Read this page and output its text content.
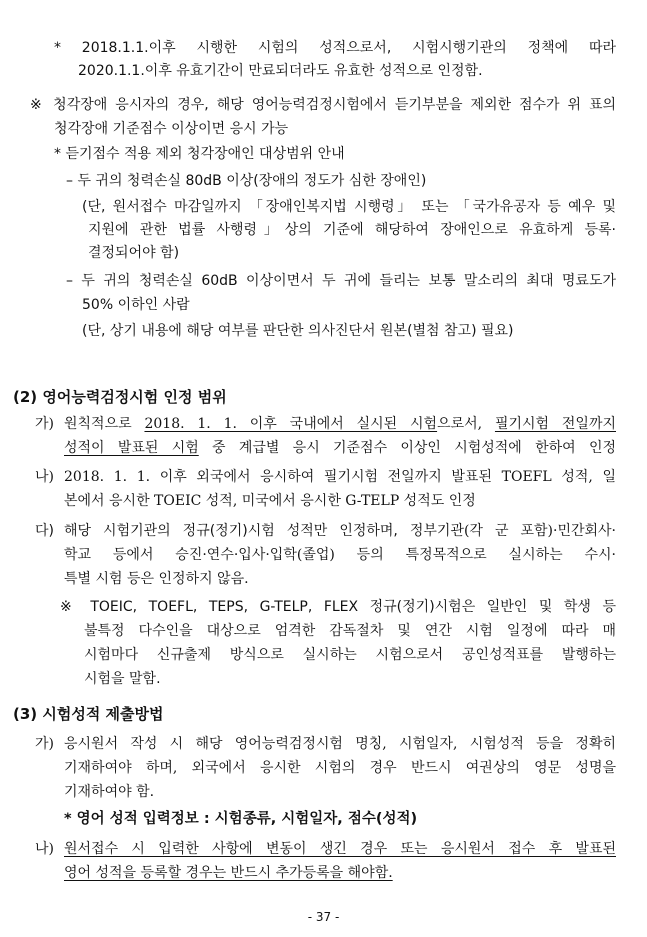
* 2018.1.1.이후 시행한 시험의 성적으로서, 시험시행기관의 정책에 따라
2020.1.1.이후 유효기간이 만료되더라도 유효한 성적으로 인정함.
※ 청각장애 응시자의 경우, 해당 영어능력검정시험에서 듣기부분을 제외한 점수가 위 표의
청각장애 기준점수 이상이면 응시 가능
* 듣기점수 적용 제외 청각장애인 대상범위 안내
– 두 귀의 청력손실 80dB 이상(장애의 정도가 심한 장애인)
(단, 원서접수 마감일까지 「장애인복지법 시행령」 또는 「국가유공자 등 예우 및
지원에 관한 법률 사행령」상의 기준에 해당하여 장애인으로 유효하게 등록·
결정되어야 함)
– 두 귀의 청력손실 60dB 이상이면서 두 귀에 들리는 보통 말소리의 최대 명료도가
50% 이하인 사람
(단, 상기 내용에 해당 여부를 판단한 의사진단서 원본(별첨 참고) 필요)
(2) 영어능력검정시험 인정 범위
가) 원칙적으로 2018. 1. 1. 이후 국내에서 실시된 시험으로서, 필기시험 전일까지
성적이 발표된 시험 중 계급별 응시 기준점수 이상인 시험성적에 한하여 인정
나) 2018. 1. 1. 이후 외국에서 응시하여 필기시험 전일까지 발표된 TOEFL 성적, 일
본에서 응시한 TOEIC 성적, 미국에서 응시한 G-TELP 성적도 인정
다) 해당 시험기관의 정규(정기)시험 성적만 인정하며, 정부기관(각 군 포함)·민간회사·
학교 등에서 승진·연수·입사·입학(졸업) 등의 특정목적으로 실시하는 수시·
특별 시험 등은 인정하지 않음.
※ TOEIC, TOEFL, TEPS, G-TELP, FLEX 정규(정기)시험은 일반인 및 학생 등
불특정 다수인을 대상으로 엄격한 감독절차 및 연간 시험 일정에 따라 매
시험마다 신규출제 방식으로 실시하는 시험으로서 공인성적표를 발행하는
시험을 말함.
(3) 시험성적 제출방법
가) 응시원서 작성 시 해당 영어능력검정시험 명칭, 시험일자, 시험성적 등을 정확히
기재하여야 하며, 외국에서 응시한 시험의 경우 반드시 여권상의 영문 성명을
기재하여야 함.
* 영어 성적 입력정보 : 시험종류, 시험일자, 점수(성적)
나) 원서접수 시 입력한 사항에 변동이 생긴 경우 또는 응시원서 접수 후 발표된
영어 성적을 등록할 경우는 반드시 추가등록을 해야함.
- 37 -
